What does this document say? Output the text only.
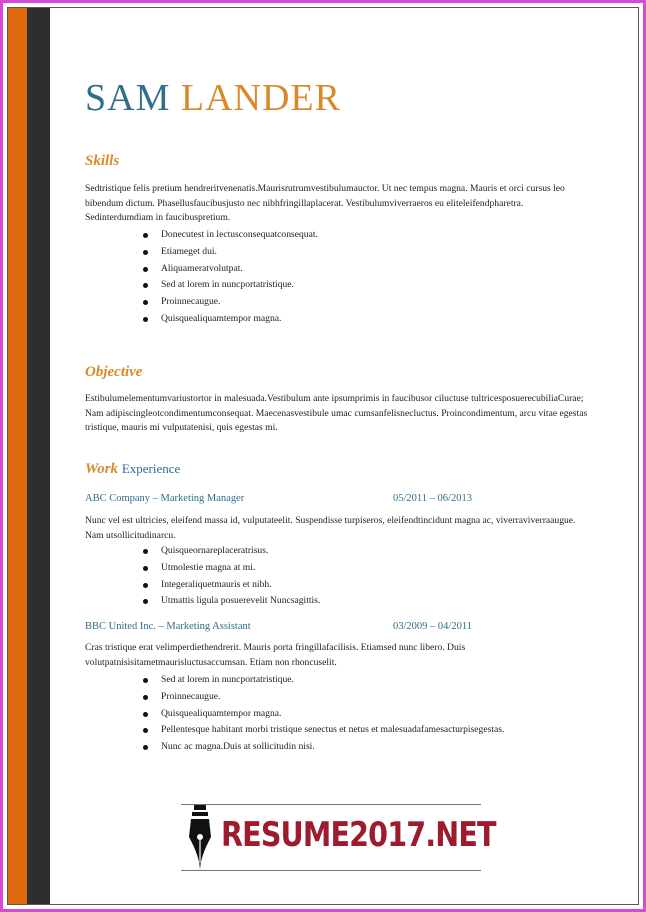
SAM LANDER
Skills
Sedtristique felis pretium hendreritvenenatis.Maurisrutrumvestibulumauctor. Ut nec tempus magna. Mauris et orci cursus leo bibendum dictum. Phasellusfaucibusjusto nec nibhfringillaplacerat. Vestibulumviverraeros eu eliteleifendpharetra. Sedinterdumdiam in faucibuspretium.
Donecutest in lectusconsequatconsequat.
Etiameget dui.
Aliquameratvolutpat.
Sed at lorem in nuncportatristique.
Proinnecaugue.
Quisquealiquamtempor magna.
Objective
Estibulumelementumvariustortor in malesuada.Vestibulum ante ipsumprimis in faucibusor ciluctuse tultricesposuerecubiliaCurae; Nam adipiscingleotcondimentumconsequat. Maecenasvestibule umac cumsanfelisnecluctus. Proincondimentum, arcu vitae egestas tristique, mauris mi vulputatenisi, quis egestas mi.
Work Experience
ABC Company – Marketing Manager	05/2011 – 06/2013
Nunc vel est ultricies, eleifend massa id, vulputateelit. Suspendisse turpiseros, eleifendtincidunt magna ac, viverraviverraaugue. Nam utsollicitudinarcu.
Quisqueornareplaceratrisus.
Utmolestie magna at mi.
Integeraliquetmauris et nibh.
Utmattis ligula posuerevelit Nuncsagittis.
BBC United Inc. – Marketing Assistant	03/2009 – 04/2011
Cras tristique erat velimperdiethendrerit. Mauris porta fringillafacilisis. Etiamsed nunc libero. Duis volutpatnisisitametmaurisluctusaccumsan. Etiam non rhoncuselit.
Sed at lorem in nuncportatristique.
Proinnecaugue.
Quisquealiquamtempor magna.
Pellentesque habitant morbi tristique senectus et netus et malesuadafamesacturpisegestas.
Nunc ac magna.Duis at sollicitudin nisi.
RESUME2017.NET
